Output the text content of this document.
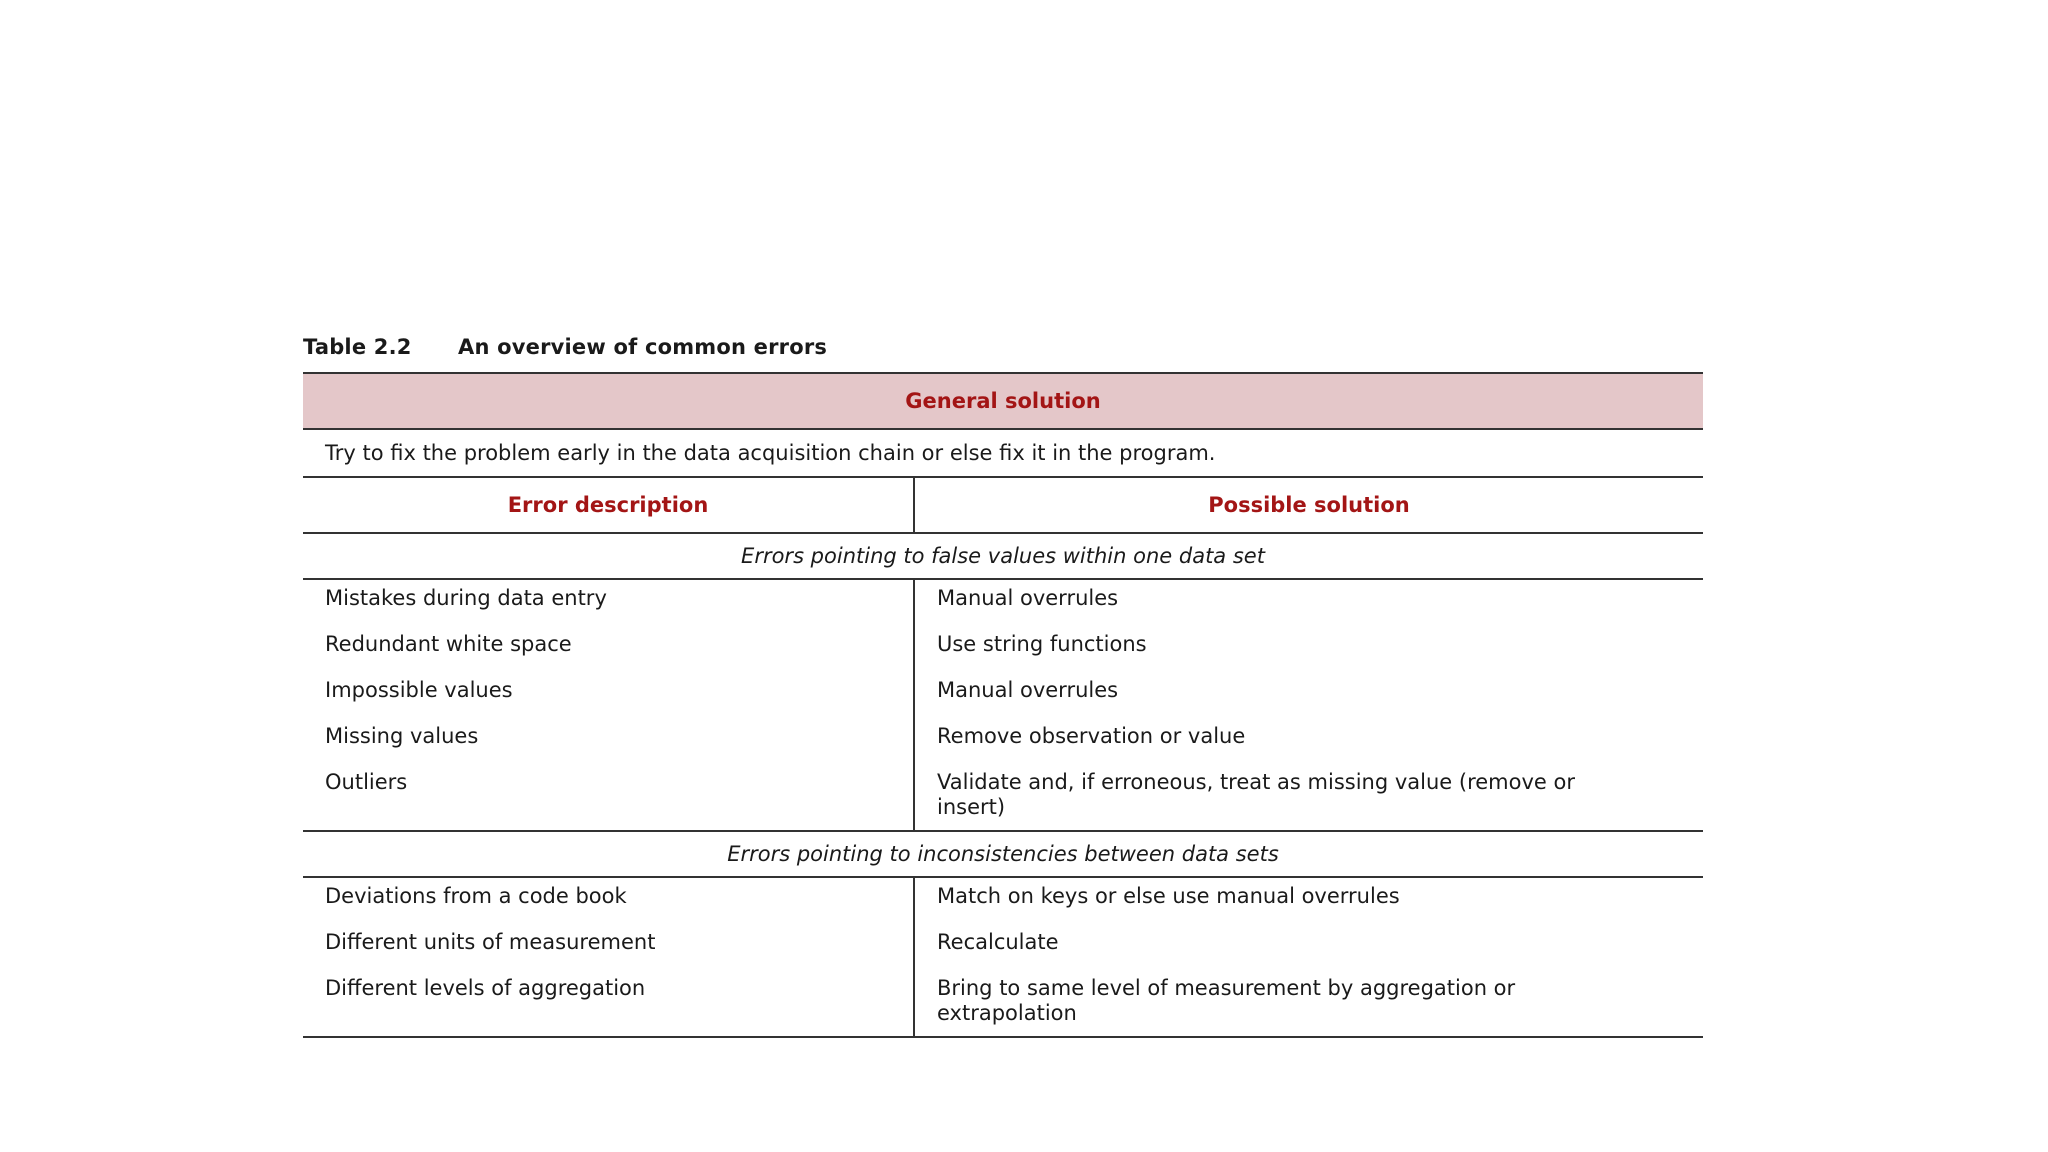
Table 2.2 An overview of common errors
General solution
Try to fix the problem early in the data acquisition chain or else fix it in the program.
Error description	Possible solution
Errors pointing to false values within one data set
Mistakes during data entry
Redundant white space
Impossible values
Missing values
Outliers
Manual overrules
Use string functions
Manual overrules
Remove observation or value
Validate and, if erroneous, treat as missing value (remove or insert)
Errors pointing to inconsistencies between data sets
Deviations from a code book
Different units of measurement
Different levels of aggregation
Match on keys or else use manual overrules
Recalculate
Bring to same level of measurement by aggregation or extrapolation
